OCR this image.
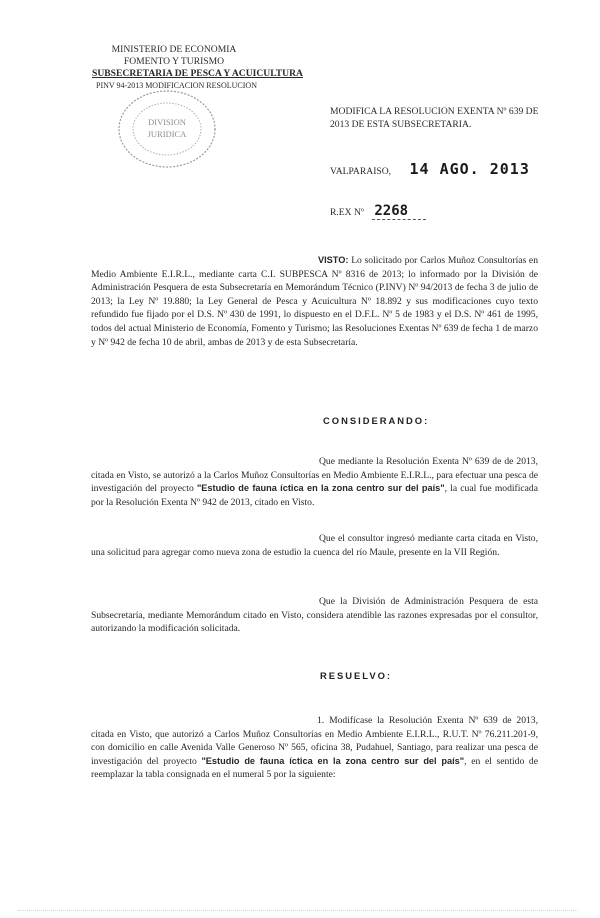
MINISTERIO DE ECONOMIA
FOMENTO Y TURISMO
SUBSECRETARIA DE PESCA Y ACUICULTURA
PINV 94-2013 MODIFICACION RESOLUCION
DIVISION
JURIDICA
MODIFICA LA RESOLUCION EXENTA Nº 639 DE
2013 DE ESTA SUBSECRETARIA.
VALPARAISO, 14 AGO. 2013
R.EX Nº 2268
VISTO: Lo solicitado por Carlos Muñoz Consultorías en Medio Ambiente E.I.R.L., mediante carta C.I. SUBPESCA Nº 8316 de 2013; lo informado por la División de Administración Pesquera de esta Subsecretaría en Memorándum Técnico (P.INV) Nº 94/2013 de fecha 3 de julio de 2013; la Ley Nº 19.880; la Ley General de Pesca y Acuicultura Nº 18.892 y sus modificaciones cuyo texto refundido fue fijado por el D.S. Nº 430 de 1991, lo dispuesto en el D.F.L. Nº 5 de 1983 y el D.S. Nº 461 de 1995, todos del actual Ministerio de Economía, Fomento y Turismo; las Resoluciones Exentas Nº 639 de fecha 1 de marzo y Nº 942 de fecha 10 de abril, ambas de 2013 y de esta Subsecretaría.
CONSIDERANDO:
Que mediante la Resolución Exenta Nº 639 de de 2013, citada en Visto, se autorizó a la Carlos Muñoz Consultorías en Medio Ambiente E.I.R.L., para efectuar una pesca de investigación del proyecto "Estudio de fauna íctica en la zona centro sur del país", la cual fue modificada por la Resolución Exenta Nº 942 de 2013, citado en Visto.
Que el consultor ingresó mediante carta citada en Visto, una solicitud para agregar como nueva zona de estudio la cuenca del río Maule, presente en la VII Región.
Que la División de Administración Pesquera de esta Subsecretaría, mediante Memorándum citado en Visto, considera atendible las razones expresadas por el consultor, autorizando la modificación solicitada.
RESUELVO:
1. Modifícase la Resolución Exenta Nº 639 de 2013, citada en Visto, que autorizó a Carlos Muñoz Consultorías en Medio Ambiente E.I.R.L., R.U.T. Nº 76.211.201-9, con domicilio en calle Avenida Valle Generoso Nº 565, oficina 38, Pudahuel, Santiago, para realizar una pesca de investigación del proyecto "Estudio de fauna íctica en la zona centro sur del país", en el sentido de reemplazar la tabla consignada en el numeral 5 por la siguiente:
